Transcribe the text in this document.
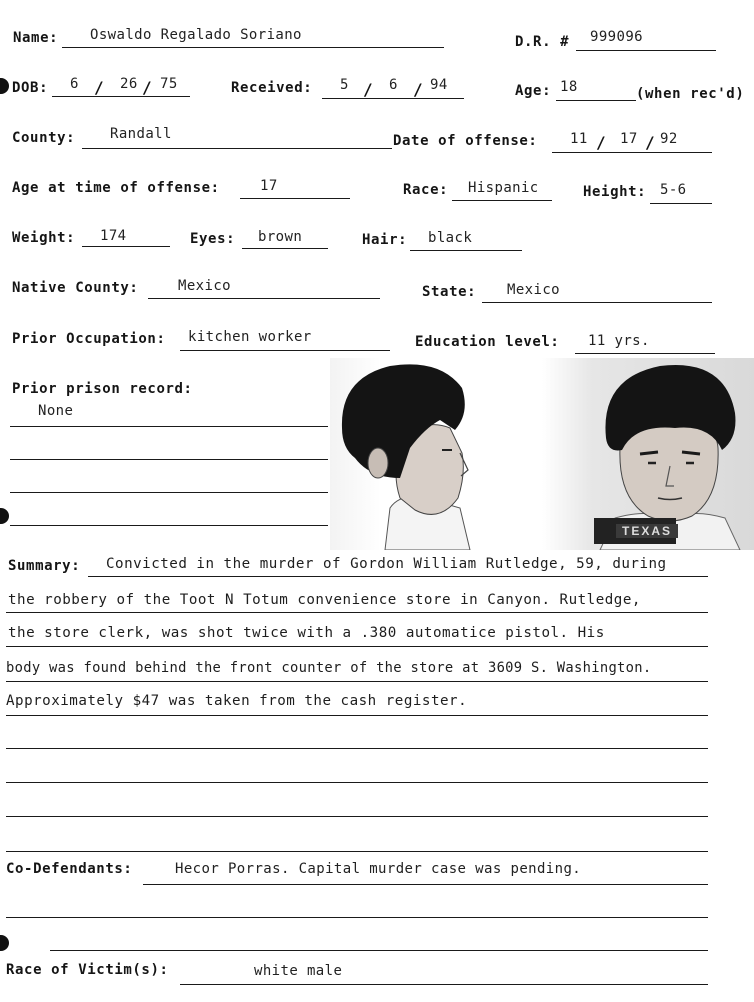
Name: Oswaldo Regalado Soriano	D.R. # 999096
DOB: 6 / 26 / 75	Received: 5 / 6 / 94	Age: 18	(when rec'd)
County: Randall	Date of offense: 11 / 17 / 92
Age at time of offense:	17	Race: Hispanic	Height: 5-6
Weight: 174	Eyes: brown	Hair: black
Native County:	Mexico	State: Mexico
Prior Occupation: kitchen worker	Education level: 11 yrs.
Prior prison record:
None
TEXAS
Summary: Convicted in the murder of Gordon William Rutledge, 59, during
the robbery of the Toot N Totum convenience store in Canyon. Rutledge,
the store clerk, was shot twice with a .380 automatice pistol. His
body was found behind the front counter of the store at 3609 S. Washington.
Approximately $47 was taken from the cash register.
Co-Defendants:	Hecor Porras. Capital murder case was pending.
Race of Victim(s):	white male
